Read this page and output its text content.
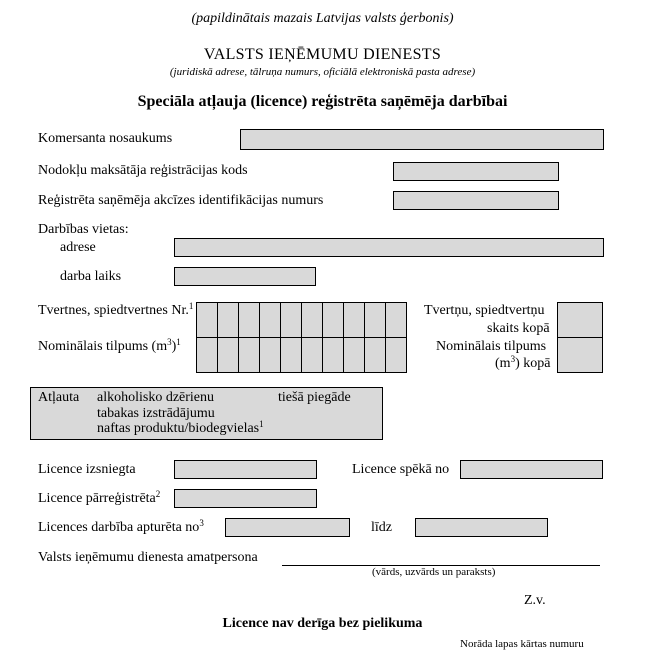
(papildinātais mazais Latvijas valsts ģerbonis)
VALSTS IEŅĒMUMU DIENESTS
(juridiskā adrese, tālruņa numurs, oficiālā elektroniskā pasta adrese)
Speciāla atļauja (licence) reģistrēta saņēmēja darbībai
Komersanta nosaukums
Nodokļu maksātāja reģistrācijas kods
Reģistrēta saņēmēja akcīzes identifikācijas numurs
Darbības vietas:
adrese
darba laiks
Tvertnes, spiedtvertnes Nr.$^1$
Nominālais tilpums $(m^3)^1$
Tvertņu, spiedtvertņu
skaits kopā
Nominālais tilpums
$(m^3)$ kopā
Atļauta alkoholisko dzērienu	tiešā piegāde
tabakas izstrādājumu
naftas produktu/biodegvielas$^1$
Licence izsniegta	Licence spēkā no
Licence pārreģistrēta$^2$
Licences darbība apturēta $no^3$	līdz
Valsts ieņēmumu dienesta amatpersona
(vārds, uzvārds un paraksts)
Z.v.
Licence nav derīga bez pielikuma
Norāda lapas kārtas numuru
